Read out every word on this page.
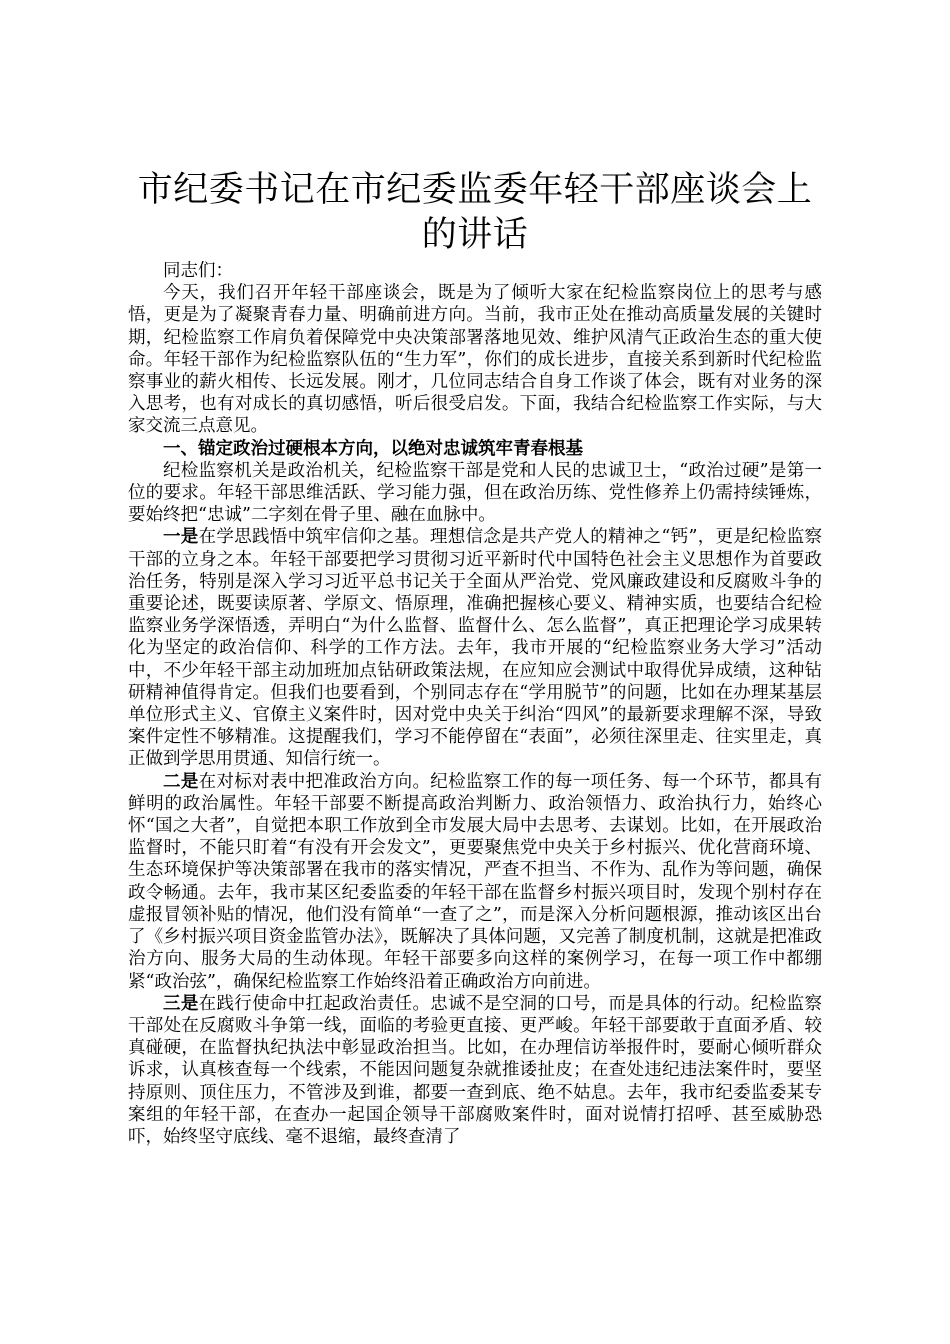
市纪委书记在市纪委监委年轻干部座谈会上的讲话

同志们：

今天，我们召开年轻干部座谈会，既是为了倾听大家在纪检监察岗位上的思考与感悟，更是为了凝聚青春力量、明确前进方向。当前，我市正处在推动高质量发展的关键时期，纪检监察工作肩负着保障党中央决策部署落地见效、维护风清气正政治生态的重大使命。年轻干部作为纪检监察队伍的“生力军”，你们的成长进步，直接关系到新时代纪检监察事业的薪火相传、长远发展。刚才，几位同志结合自身工作谈了体会，既有对业务的深入思考，也有对成长的真切感悟，听后很受启发。下面，我结合纪检监察工作实际，与大家交流三点意见。

一、锚定政治过硬根本方向，以绝对忠诚筑牢青春根基

纪检监察机关是政治机关，纪检监察干部是党和人民的忠诚卫士，“政治过硬”是第一位的要求。年轻干部思维活跃、学习能力强，但在政治历练、党性修养上仍需持续锤炼，要始终把“忠诚”二字刻在骨子里、融在血脉中。

一是在学思践悟中筑牢信仰之基。理想信念是共产党人的精神之“钙”，更是纪检监察干部的立身之本。年轻干部要把学习贯彻习近平新时代中国特色社会主义思想作为首要政治任务，特别是深入学习习近平总书记关于全面从严治党、党风廉政建设和反腐败斗争的重要论述，既要读原著、学原文、悟原理，准确把握核心要义、精神实质，也要结合纪检监察业务学深悟透，弄明白“为什么监督、监督什么、怎么监督”，真正把理论学习成果转化为坚定的政治信仰、科学的工作方法。去年，我市开展的“纪检监察业务大学习”活动中，不少年轻干部主动加班加点钻研政策法规，在应知应会测试中取得优异成绩，这种钻研精神值得肯定。但我们也要看到，个别同志存在“学用脱节”的问题，比如在办理某基层单位形式主义、官僚主义案件时，因对党中央关于纠治“四风”的最新要求理解不深，导致案件定性不够精准。这提醒我们，学习不能停留在“表面”，必须往深里走、往实里走，真正做到学思用贯通、知信行统一。

二是在对标对表中把准政治方向。纪检监察工作的每一项任务、每一个环节，都具有鲜明的政治属性。年轻干部要不断提高政治判断力、政治领悟力、政治执行力，始终心怀“国之大者”，自觉把本职工作放到全市发展大局中去思考、去谋划。比如，在开展政治监督时，不能只盯着“有没有开会发文”，更要聚焦党中央关于乡村振兴、优化营商环境、生态环境保护等决策部署在我市的落实情况，严查不担当、不作为、乱作为等问题，确保政令畅通。去年，我市某区纪委监委的年轻干部在监督乡村振兴项目时，发现个别村存在虚报冒领补贴的情况，他们没有简单“一查了之”，而是深入分析问题根源，推动该区出台了《乡村振兴项目资金监管办法》，既解决了具体问题，又完善了制度机制，这就是把准政治方向、服务大局的生动体现。年轻干部要多向这样的案例学习，在每一项工作中都绷紧“政治弦”，确保纪检监察工作始终沿着正确政治方向前进。

三是在践行使命中扛起政治责任。忠诚不是空洞的口号，而是具体的行动。纪检监察干部处在反腐败斗争第一线，面临的考验更直接、更严峻。年轻干部要敢于直面矛盾、较真碰硬，在监督执纪执法中彰显政治担当。比如，在办理信访举报件时，要耐心倾听群众诉求，认真核查每一个线索，不能因问题复杂就推诿扯皮；在查处违纪违法案件时，要坚持原则、顶住压力，不管涉及到谁，都要一查到底、绝不姑息。去年，我市纪委监委某专案组的年轻干部，在查办一起国企领导干部腐败案件时，面对说情打招呼、甚至威胁恐吓，始终坚守底线、毫不退缩，最终查清了
